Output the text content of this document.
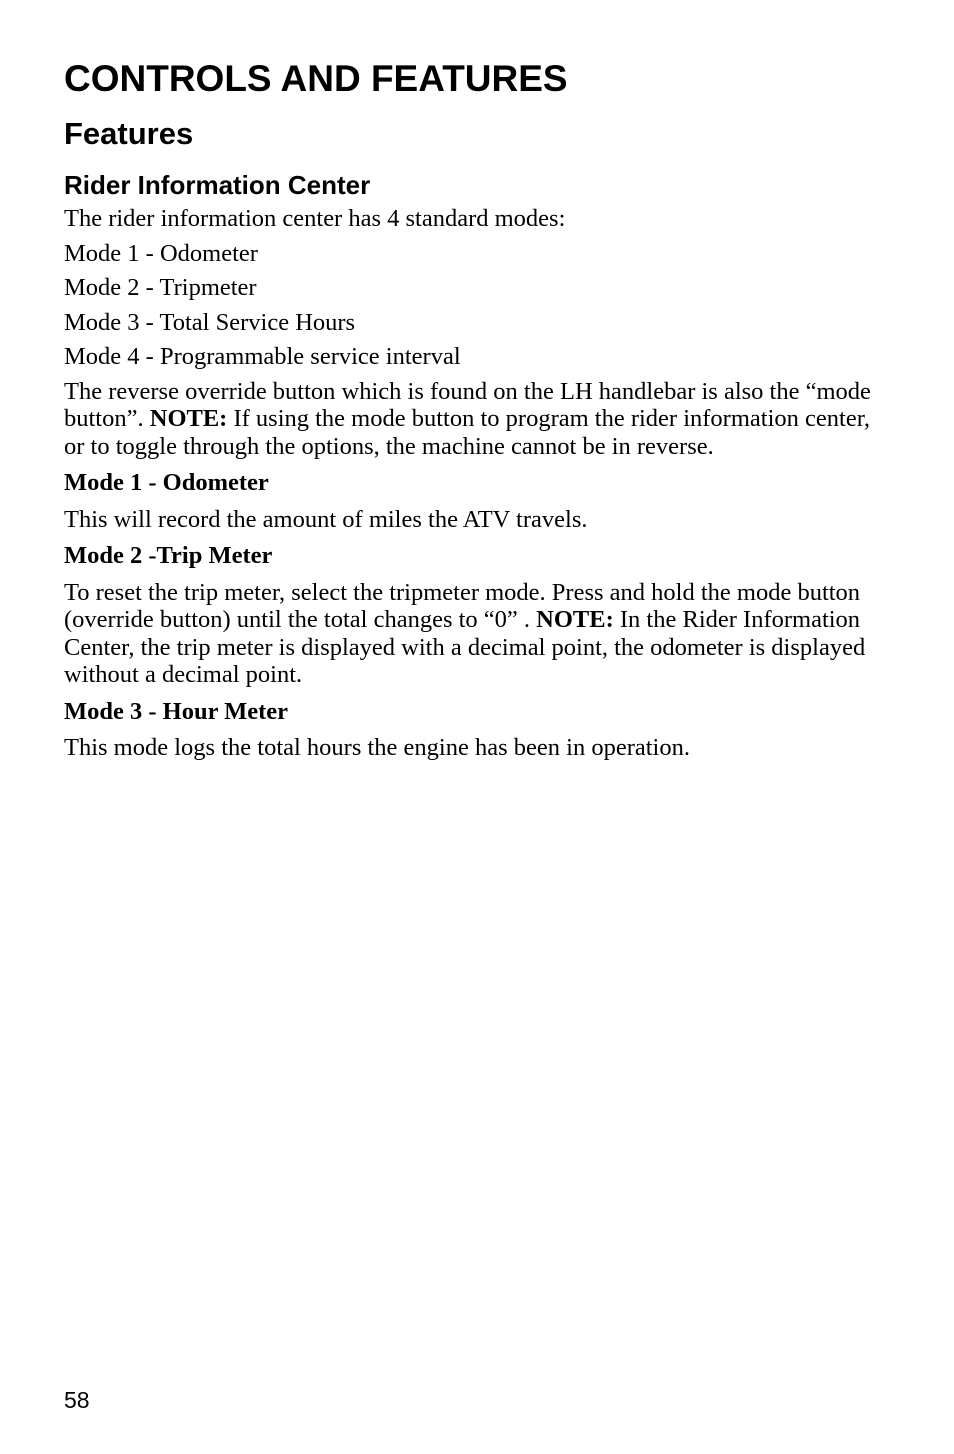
CONTROLS AND FEATURES
Features
Rider Information Center

The rider information center has 4 standard modes:

Mode 1 - Odometer

Mode 2 - Tripmeter

Mode 3 - Total Service Hours

Mode 4 - Programmable service interval

The reverse override button which is found on the LH handlebar is also the “mode button”. NOTE: If using the mode button to program the rider information center, or to toggle through the options, the machine cannot be in reverse.

Mode 1 - Odometer

This will record the amount of miles the ATV travels.

Mode 2 -Trip Meter

To reset the trip meter, select the tripmeter mode. Press and hold the mode button (override button) until the total changes to “0” . NOTE: In the Rider Information Center, the trip meter is displayed with a decimal point, the odometer is displayed without a decimal point.

Mode 3 - Hour Meter

This mode logs the total hours the engine has been in operation.

58
